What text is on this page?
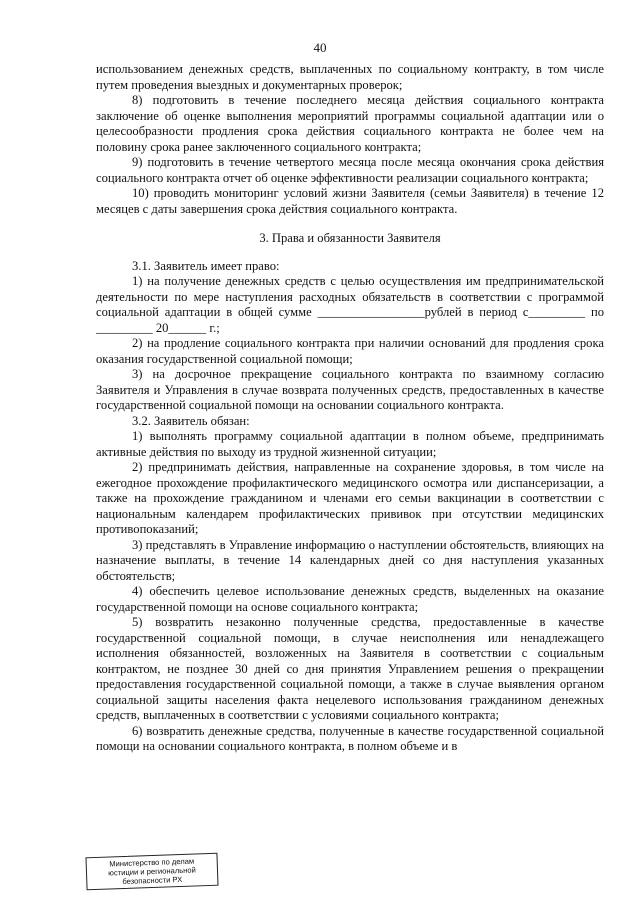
40

использованием денежных средств, выплаченных по социальному контракту, в том числе путем проведения выездных и документарных проверок;

8) подготовить в течение последнего месяца действия социального контракта заключение об оценке выполнения мероприятий программы социальной адаптации или о целесообразности продления срока действия социального контракта не более чем на половину срока ранее заключенного социального контракта;

9) подготовить в течение четвертого месяца после месяца окончания срока действия социального контракта отчет об оценке эффективности реализации социального контракта;

10) проводить мониторинг условий жизни Заявителя (семьи Заявителя) в течение 12 месяцев с даты завершения срока действия социального контракта.

3. Права и обязанности Заявителя

3.1. Заявитель имеет право:

1) на получение денежных средств с целью осуществления им предпринимательской деятельности по мере наступления расходных обязательств в соответствии с программой социальной адаптации в общей сумме _________________рублей в период с_________ по _________ 20______ г.;

2) на продление социального контракта при наличии оснований для продления срока оказания государственной социальной помощи;

3) на досрочное прекращение социального контракта по взаимному согласию Заявителя и Управления в случае возврата полученных средств, предоставленных в качестве государственной социальной помощи на основании социального контракта.

3.2. Заявитель обязан:

1) выполнять программу социальной адаптации в полном объеме, предпринимать активные действия по выходу из трудной жизненной ситуации;

2) предпринимать действия, направленные на сохранение здоровья, в том числе на ежегодное прохождение профилактического медицинского осмотра или диспансеризации, а также на прохождение гражданином и членами его семьи вакцинации в соответствии с национальным календарем профилактических прививок при отсутствии медицинских противопоказаний;

3) представлять в Управление информацию о наступлении обстоятельств, влияющих на назначение выплаты, в течение 14 календарных дней со дня наступления указанных обстоятельств;

4) обеспечить целевое использование денежных средств, выделенных на оказание государственной помощи на основе социального контракта;

5) возвратить незаконно полученные средства, предоставленные в качестве государственной социальной помощи, в случае неисполнения или ненадлежащего исполнения обязанностей, возложенных на Заявителя в соответствии с социальным контрактом, не позднее 30 дней со дня принятия Управлением решения о прекращении предоставления государственной социальной помощи, а также в случае выявления органом социальной защиты населения факта нецелевого использования гражданином денежных средств, выплаченных в соответствии с условиями социального контракта;

6) возвратить денежные средства, полученные в качестве государственной социальной помощи на основании социального контракта, в полном объеме и в

Министерство по делам
юстиции и региональной
безопасности РХ
